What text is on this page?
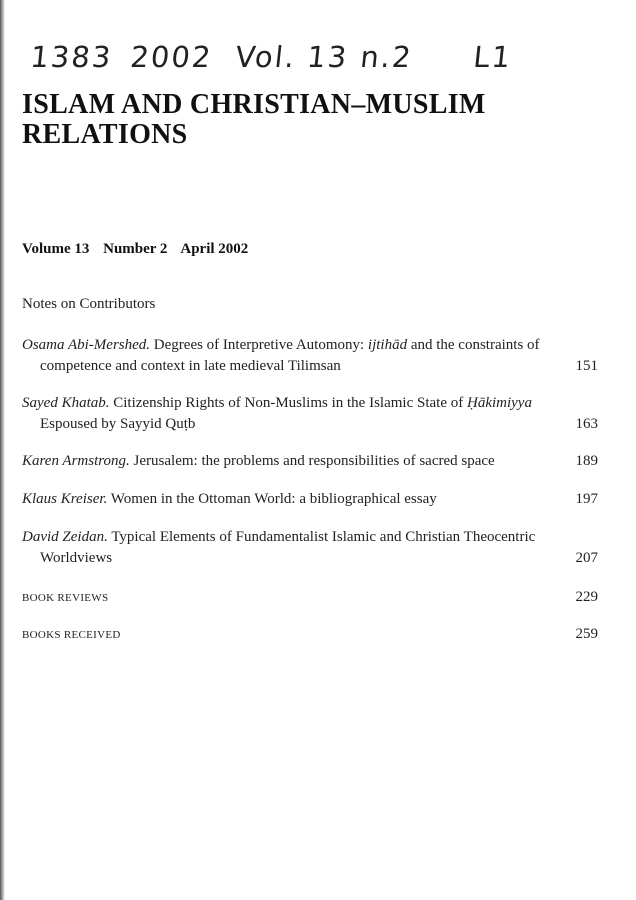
1383 2002 Vol. 13 n.2 L1
ISLAM AND CHRISTIAN–MUSLIM RELATIONS
Volume 13 Number 2 April 2002
Notes on Contributors
Osama Abi-Mershed. Degrees of Interpretive Automony: ijtihād and the constraints of competence and context in late medieval Tilimsan	151
Sayed Khatab. Citizenship Rights of Non-Muslims in the Islamic State of Ḥākimiyya Espoused by Sayyid Quṭb	163
Karen Armstrong. Jerusalem: the problems and responsibilities of sacred space	189
Klaus Kreiser. Women in the Ottoman World: a bibliographical essay	197
David Zeidan. Typical Elements of Fundamentalist Islamic and Christian Theocentric Worldviews	207
BOOK REVIEWS	229
BOOKS RECEIVED	259
